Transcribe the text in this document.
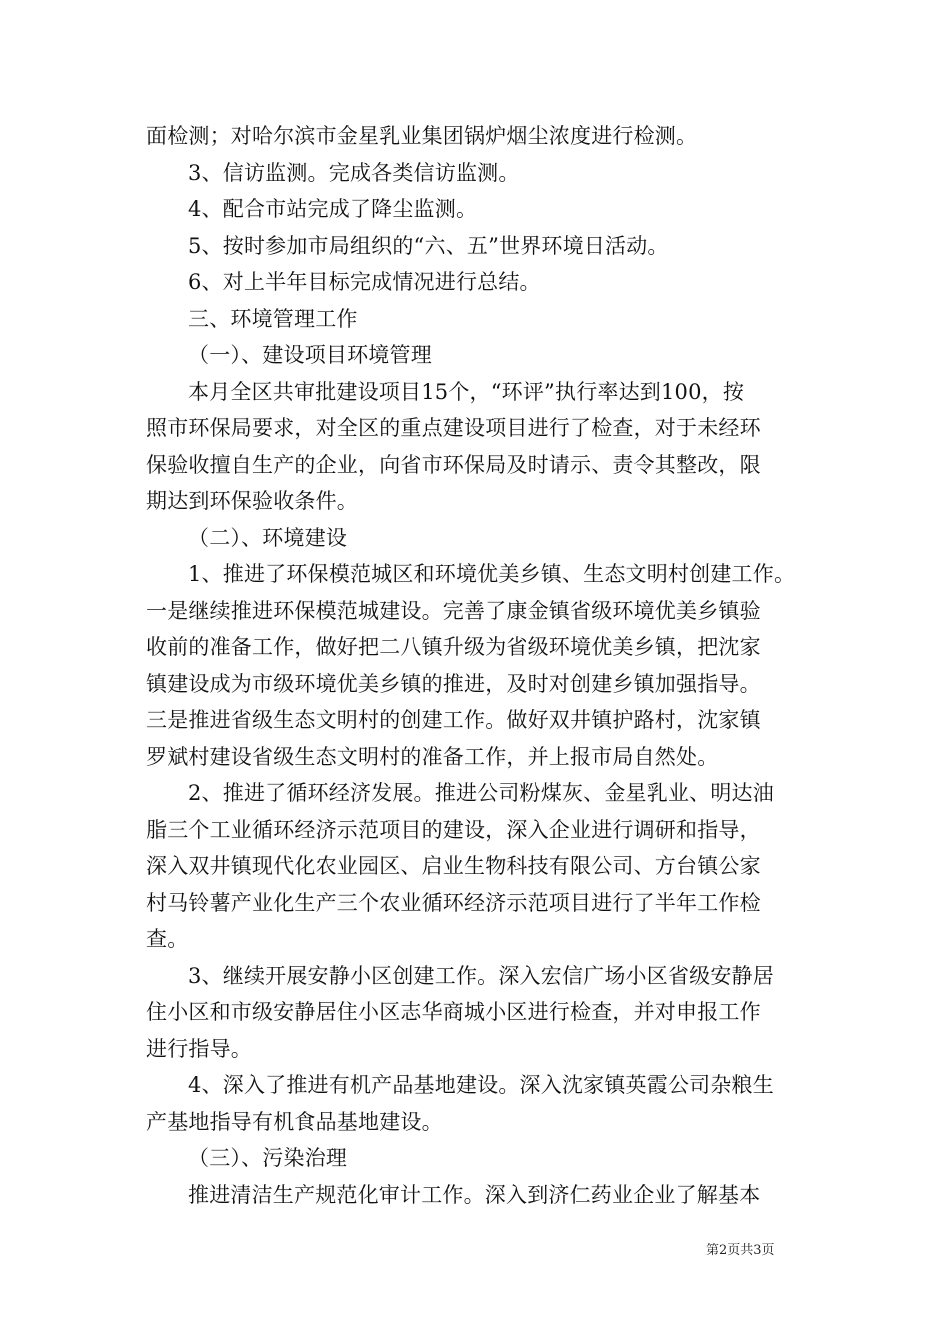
面检测；对哈尔滨市金星乳业集团锅炉烟尘浓度进行检测。
3、信访监测。完成各类信访监测。
4、配合市站完成了降尘监测。
5、按时参加市局组织的“六、五”世界环境日活动。
6、对上半年目标完成情况进行总结。
三、环境管理工作
（一）、建设项目环境管理
本月全区共审批建设项目15个，“环评”执行率达到100，按
照市环保局要求，对全区的重点建设项目进行了检查，对于未经环
保验收擅自生产的企业，向省市环保局及时请示、责令其整改，限
期达到环保验收条件。
（二）、环境建设
1、推进了环保模范城区和环境优美乡镇、生态文明村创建工作。
一是继续推进环保模范城建设。完善了康金镇省级环境优美乡镇验
收前的准备工作，做好把二八镇升级为省级环境优美乡镇，把沈家
镇建设成为市级环境优美乡镇的推进，及时对创建乡镇加强指导。
三是推进省级生态文明村的创建工作。做好双井镇护路村，沈家镇
罗斌村建设省级生态文明村的准备工作，并上报市局自然处。
2、推进了循环经济发展。推进公司粉煤灰、金星乳业、明达油
脂三个工业循环经济示范项目的建设，深入企业进行调研和指导，
深入双井镇现代化农业园区、启业生物科技有限公司、方台镇公家
村马铃薯产业化生产三个农业循环经济示范项目进行了半年工作检
查。
3、继续开展安静小区创建工作。深入宏信广场小区省级安静居
住小区和市级安静居住小区志华商城小区进行检查，并对申报工作
进行指导。
4、深入了推进有机产品基地建设。深入沈家镇英霞公司杂粮生
产基地指导有机食品基地建设。
（三）、污染治理
推进清洁生产规范化审计工作。深入到济仁药业企业了解基本
第2页共3页
